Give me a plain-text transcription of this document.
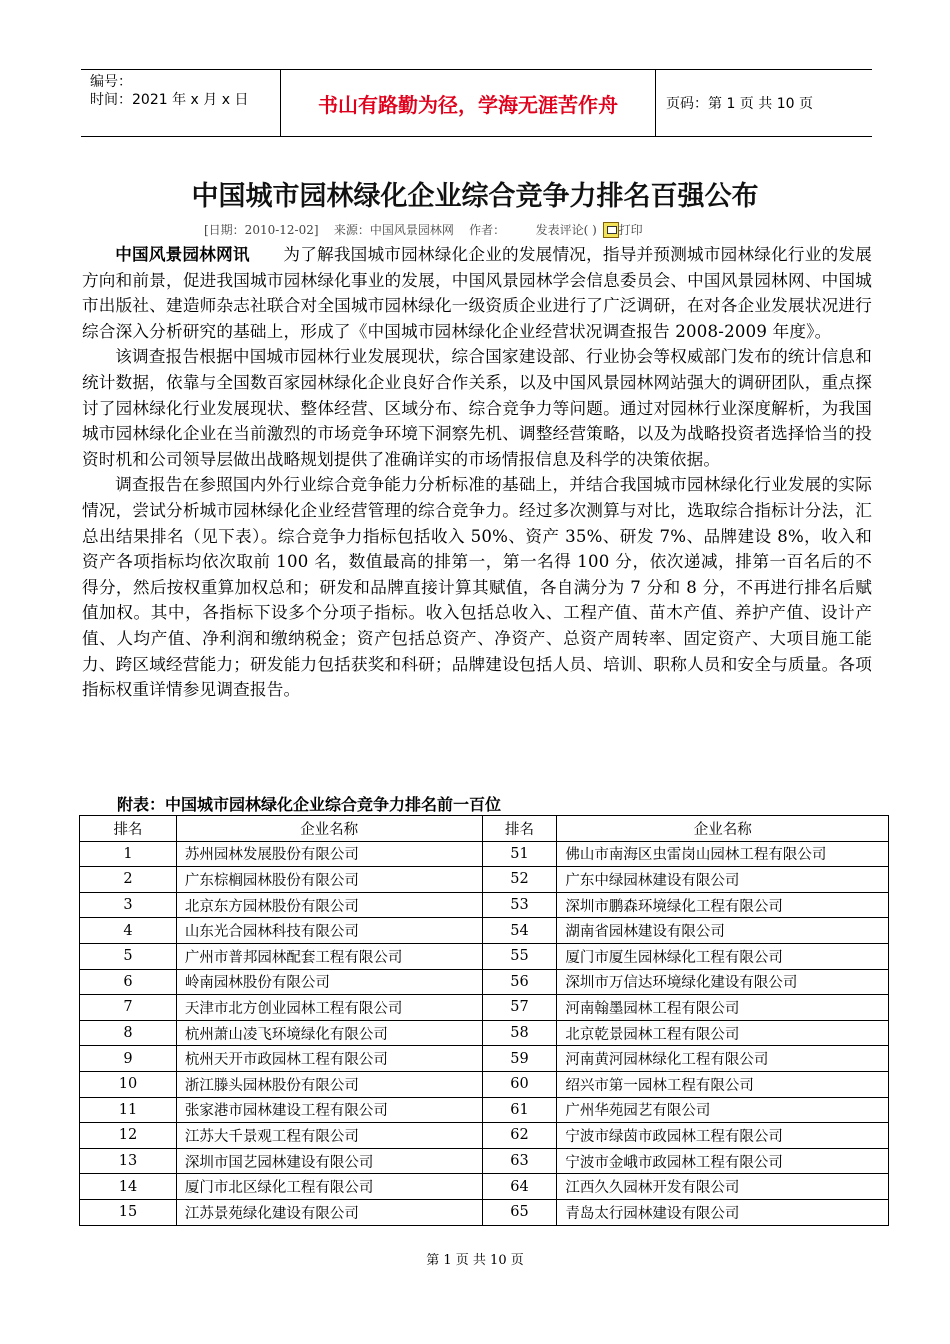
编号：
时间：2021 年 x 月 x 日	书山有路勤为径，学海无涯苦作舟	页码：第 1 页 共 10 页
中国城市园林绿化企业综合竞争力排名百强公布
[日期：2010-12-02]
来源：中国风景园林网
作者：
	发表评论( )
打印

中国风景园林网讯   为了解我国城市园林绿化企业的发展情况，指导并预测城市园林绿化行业的发展方向和前景，促进我国城市园林绿化事业的发展，中国风景园林学会信息委员会、中国风景园林网、中国城市出版社、建造师杂志社联合对全国城市园林绿化一级资质企业进行了广泛调研，在对各企业发展状况进行综合深入分析研究的基础上，形成了《中国城市园林绿化企业经营状况调查报告 2008-2009 年度》。

该调查报告根据中国城市园林行业发展现状，综合国家建设部、行业协会等权威部门发布的统计信息和统计数据，依靠与全国数百家园林绿化企业良好合作关系，以及中国风景园林网站强大的调研团队，重点探讨了园林绿化行业发展现状、整体经营、区域分布、综合竞争力等问题。通过对园林行业深度解析，为我国城市园林绿化企业在当前激烈的市场竞争环境下洞察先机、调整经营策略，以及为战略投资者选择恰当的投资时机和公司领导层做出战略规划提供了准确详实的市场情报信息及科学的决策依据。

调查报告在参照国内外行业综合竞争能力分析标准的基础上，并结合我国城市园林绿化行业发展的实际情况，尝试分析城市园林绿化企业经营管理的综合竞争力。经过多次测算与对比，选取综合指标计分法，汇总出结果排名（见下表）。综合竞争力指标包括收入 50%、资产 35%、研发 7%、品牌建设 8%，收入和资产各项指标均依次取前 100 名，数值最高的排第一，第一名得 100 分，依次递减，排第一百名后的不得分，然后按权重算加权总和；研发和品牌直接计算其赋值，各自满分为 7 分和 8 分，不再进行排名后赋值加权。其中，各指标下设多个分项子指标。收入包括总收入、工程产值、苗木产值、养护产值、设计产值、人均产值、净利润和缴纳税金；资产包括总资产、净资产、总资产周转率、固定资产、大项目施工能力、跨区域经营能力；研发能力包括获奖和科研；品牌建设包括人员、培训、职称人员和安全与质量。各项指标权重详情参见调查报告。

附表：中国城市园林绿化企业综合竞争力排名前一百位
排名	企业名称	排名	企业名称
1	苏州园林发展股份有限公司	51	佛山市南海区虫雷岗山园林工程有限公司
2	广东棕榈园林股份有限公司	52	广东中绿园林建设有限公司
3	北京东方园林股份有限公司	53	深圳市鹏森环境绿化工程有限公司
4	山东光合园林科技有限公司	54	湖南省园林建设有限公司
5	广州市普邦园林配套工程有限公司	55	厦门市厦生园林绿化工程有限公司
6	岭南园林股份有限公司	56	深圳市万信达环境绿化建设有限公司
7	天津市北方创业园林工程有限公司	57	河南翰墨园林工程有限公司
8	杭州萧山凌飞环境绿化有限公司	58	北京乾景园林工程有限公司
9	杭州天开市政园林工程有限公司	59	河南黄河园林绿化工程有限公司
10	浙江滕头园林股份有限公司	60	绍兴市第一园林工程有限公司
11	张家港市园林建设工程有限公司	61	广州华苑园艺有限公司
12	江苏大千景观工程有限公司	62	宁波市绿茵市政园林工程有限公司
13	深圳市国艺园林建设有限公司	63	宁波市金峨市政园林工程有限公司
14	厦门市北区绿化工程有限公司	64	江西久久园林开发有限公司
15	江苏景苑绿化建设有限公司	65	青岛太行园林建设有限公司
第 1 页 共 10 页
